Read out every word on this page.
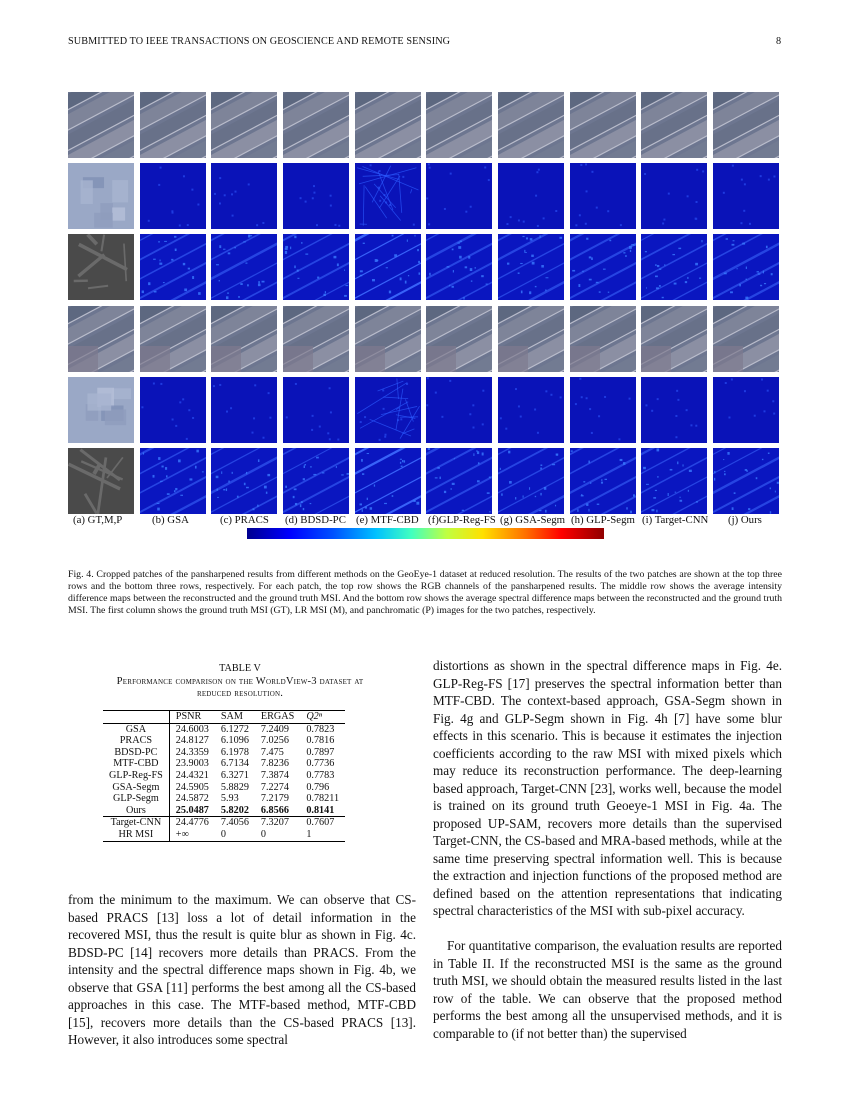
SUBMITTED TO IEEE TRANSACTIONS ON GEOSCIENCE AND REMOTE SENSING	8
(a) GT,M,P	(b) GSA	(c) PRACS (d) BDSD-PC (e) MTF-CBD (f)GLP-Reg-FS (g) GSA-Segm (h) GLP-Segm (i) Target-CNN (j) Ours
Fig. 4. Cropped patches of the pansharpened results from different methods on the GeoEye-1 dataset at reduced resolution. The results of the two patches are shown at the top three rows and the bottom three rows, respectively. For each patch, the top row shows the RGB channels of the pansharpened results. The middle row shows the average intensity difference maps between the reconstructed and the ground truth MSI. And the bottom row shows the average spectral difference maps between the reconstructed and the ground truth MSI. The first column shows the ground truth MSI (GT), LR MSI (M), and panchromatic (P) images for the two patches, respectively.
TABLE V
Performance comparison on the WorldView-3 dataset at
reduced resolution.
	PSNR	SAM	ERGAS	Q2ⁿ
GSA	24.6003	6.1272	7.2409	0.7823
PRACS	24.8127	6.1096	7.0256	0.7816
BDSD-PC	24.3359	6.1978	7.475	0.7897
MTF-CBD	23.9003	6.7134	7.8236	0.7736
GLP-Reg-FS	24.4321	6.3271	7.3874	0.7783
GSA-Segm	24.5905	5.8829	7.2274	0.796
GLP-Segm	24.5872	5.93	7.2179	0.78211
Ours	25.0487	5.8202	6.8566	0.8141
Target-CNN	24.4776	7.4056	7.3207	0.7607
HR MSI	+∞	0	0	1

from the minimum to the maximum. We can observe that CS-based PRACS [13] loss a lot of detail information in the recovered MSI, thus the result is quite blur as shown in Fig. 4c. BDSD-PC [14] recovers more details than PRACS. From the intensity and the spectral difference maps shown in Fig. 4b, we observe that GSA [11] performs the best among all the CS-based approaches in this case. The MTF-based method, MTF-CBD [15], recovers more details than the CS-based PRACS [13]. However, it also introduces some spectral

distortions as shown in the spectral difference maps in Fig. 4e. GLP-Reg-FS [17] preserves the spectral information better than MTF-CBD. The context-based approach, GSA-Segm shown in Fig. 4g and GLP-Segm shown in Fig. 4h [7] have some blur effects in this scenario. This is because it estimates the injection coefficients according to the raw MSI with mixed pixels which may reduce its reconstruction performance. The deep-learning based approach, Target-CNN [23], works well, because the model is trained on its ground truth Geoeye-1 MSI in Fig. 4a. The proposed UP-SAM, recovers more details than the supervised Target-CNN, the CS-based and MRA-based methods, while at the same time preserving spectral information well. This is because the extraction and injection functions of the proposed method are defined based on the attention representations that indicating spectral characteristics of the MSI with sub-pixel accuracy.

For quantitative comparison, the evaluation results are reported in Table II. If the reconstructed MSI is the same as the ground truth MSI, we should obtain the measured results listed in the last row of the table. We can observe that the proposed method performs the best among all the unsupervised methods, and it is comparable to (if not better than) the supervised
